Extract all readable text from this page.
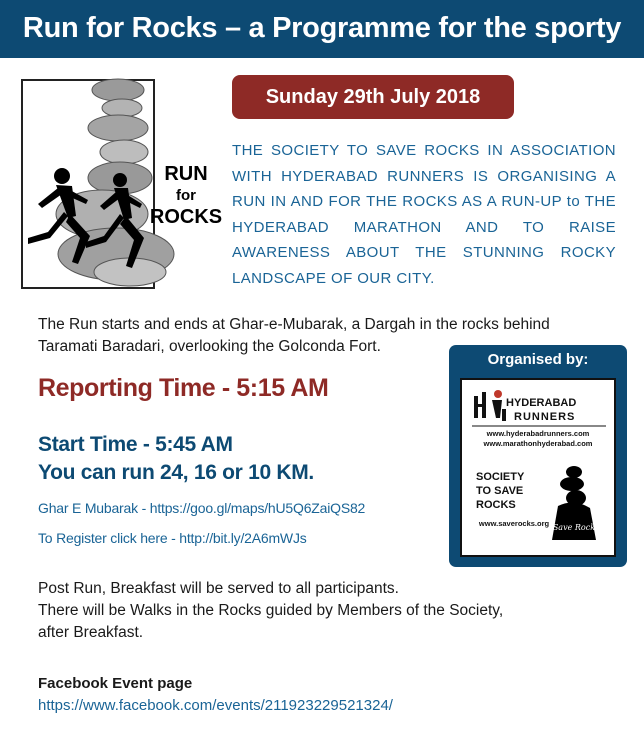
Run for Rocks – a Programme for the sporty
RUN
for
ROCKS
Sunday 29th July 2018

THE SOCIETY TO SAVE ROCKS IN ASSOCIATION WITH HYDERABAD RUNNERS IS ORGANISING A RUN IN AND FOR THE ROCKS AS A RUN-UP to THE HYDERABAD MARATHON AND TO RAISE AWARENESS ABOUT THE STUNNING ROCKY LANDSCAPE OF OUR CITY.

The Run starts and ends at Ghar-e-Mubarak, a Dargah in the rocks behind
Taramati Baradari, overlooking the Golconda Fort.
Organised by:
HYDERABAD
RUNNERS
www.hyderabadrunners.com
www.marathonhyderabad.com
SOCIETY
TO SAVE
ROCKS
www.saverocks.org Save Rocks
Reporting Time - 5:15 AM
Start Time - 5:45 AM
You can run 24, 16 or 10 KM.
Ghar E Mubarak - https://goo.gl/maps/hU5Q6ZaiQS82
To Register click here - http://bit.ly/2A6mWJs
Post Run, Breakfast will be served to all participants.
There will be Walks in the Rocks guided by Members of the Society,
after Breakfast.
Facebook Event page
https://www.facebook.com/events/211923229521324/
